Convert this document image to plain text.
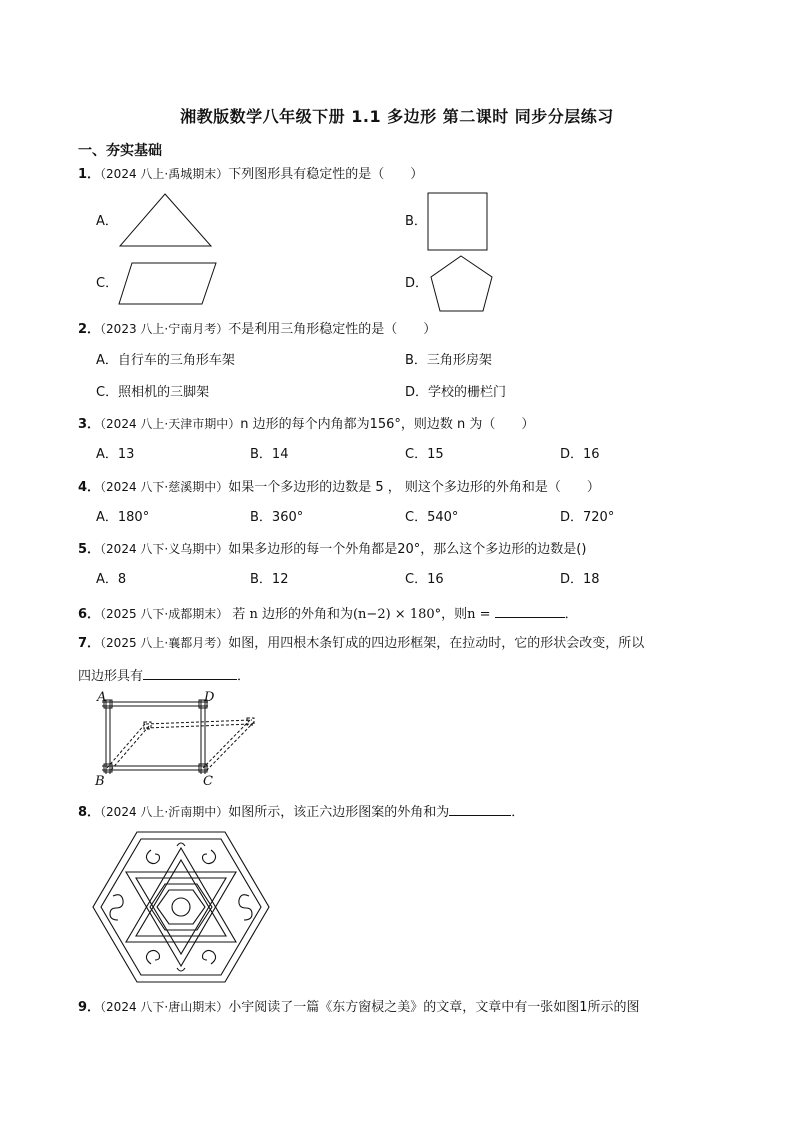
湘教版数学八年级下册 1.1 多边形 第二课时 同步分层练习
一、夯实基础
1．（2024 八上·禹城期末）下列图形具有稳定性的是（　　）
A．	B．
C．	D．
2．（2023 八上·宁南月考）不是利用三角形稳定性的是（　　）
A．自行车的三角形车架	B．三角形房架
C．照相机的三脚架	D．学校的栅栏门
3．（2024 八上·天津市期中）n 边形的每个内角都为156°，则边数 n 为（　　）
A．13	B．14	C．15	D．16
4．（2024 八下·慈溪期中）如果一个多边形的边数是 5 ， 则这个多边形的外角和是（　　）
A．180°	B．360°	C．540°	D．720°
5．（2024 八下·义乌期中）如果多边形的每一个外角都是20°，那么这个多边形的边数是()
A．8	B．12	C．16	D．18
6．（2025 八下·成都期末） 若 n 边形的外角和为(n−2) × 180°，则n =	．
7．（2025 八上·襄都月考）如图，用四根木条钉成的四边形框架，在拉动时，它的形状会改变，所以
四边形具有	．
A	D
B	C
8．（2024 八上·沂南期中）如图所示，该正六边形图案的外角和为	．
9．（2024 八下·唐山期末）小宇阅读了一篇《东方窗棂之美》的文章，文章中有一张如图1所示的图
